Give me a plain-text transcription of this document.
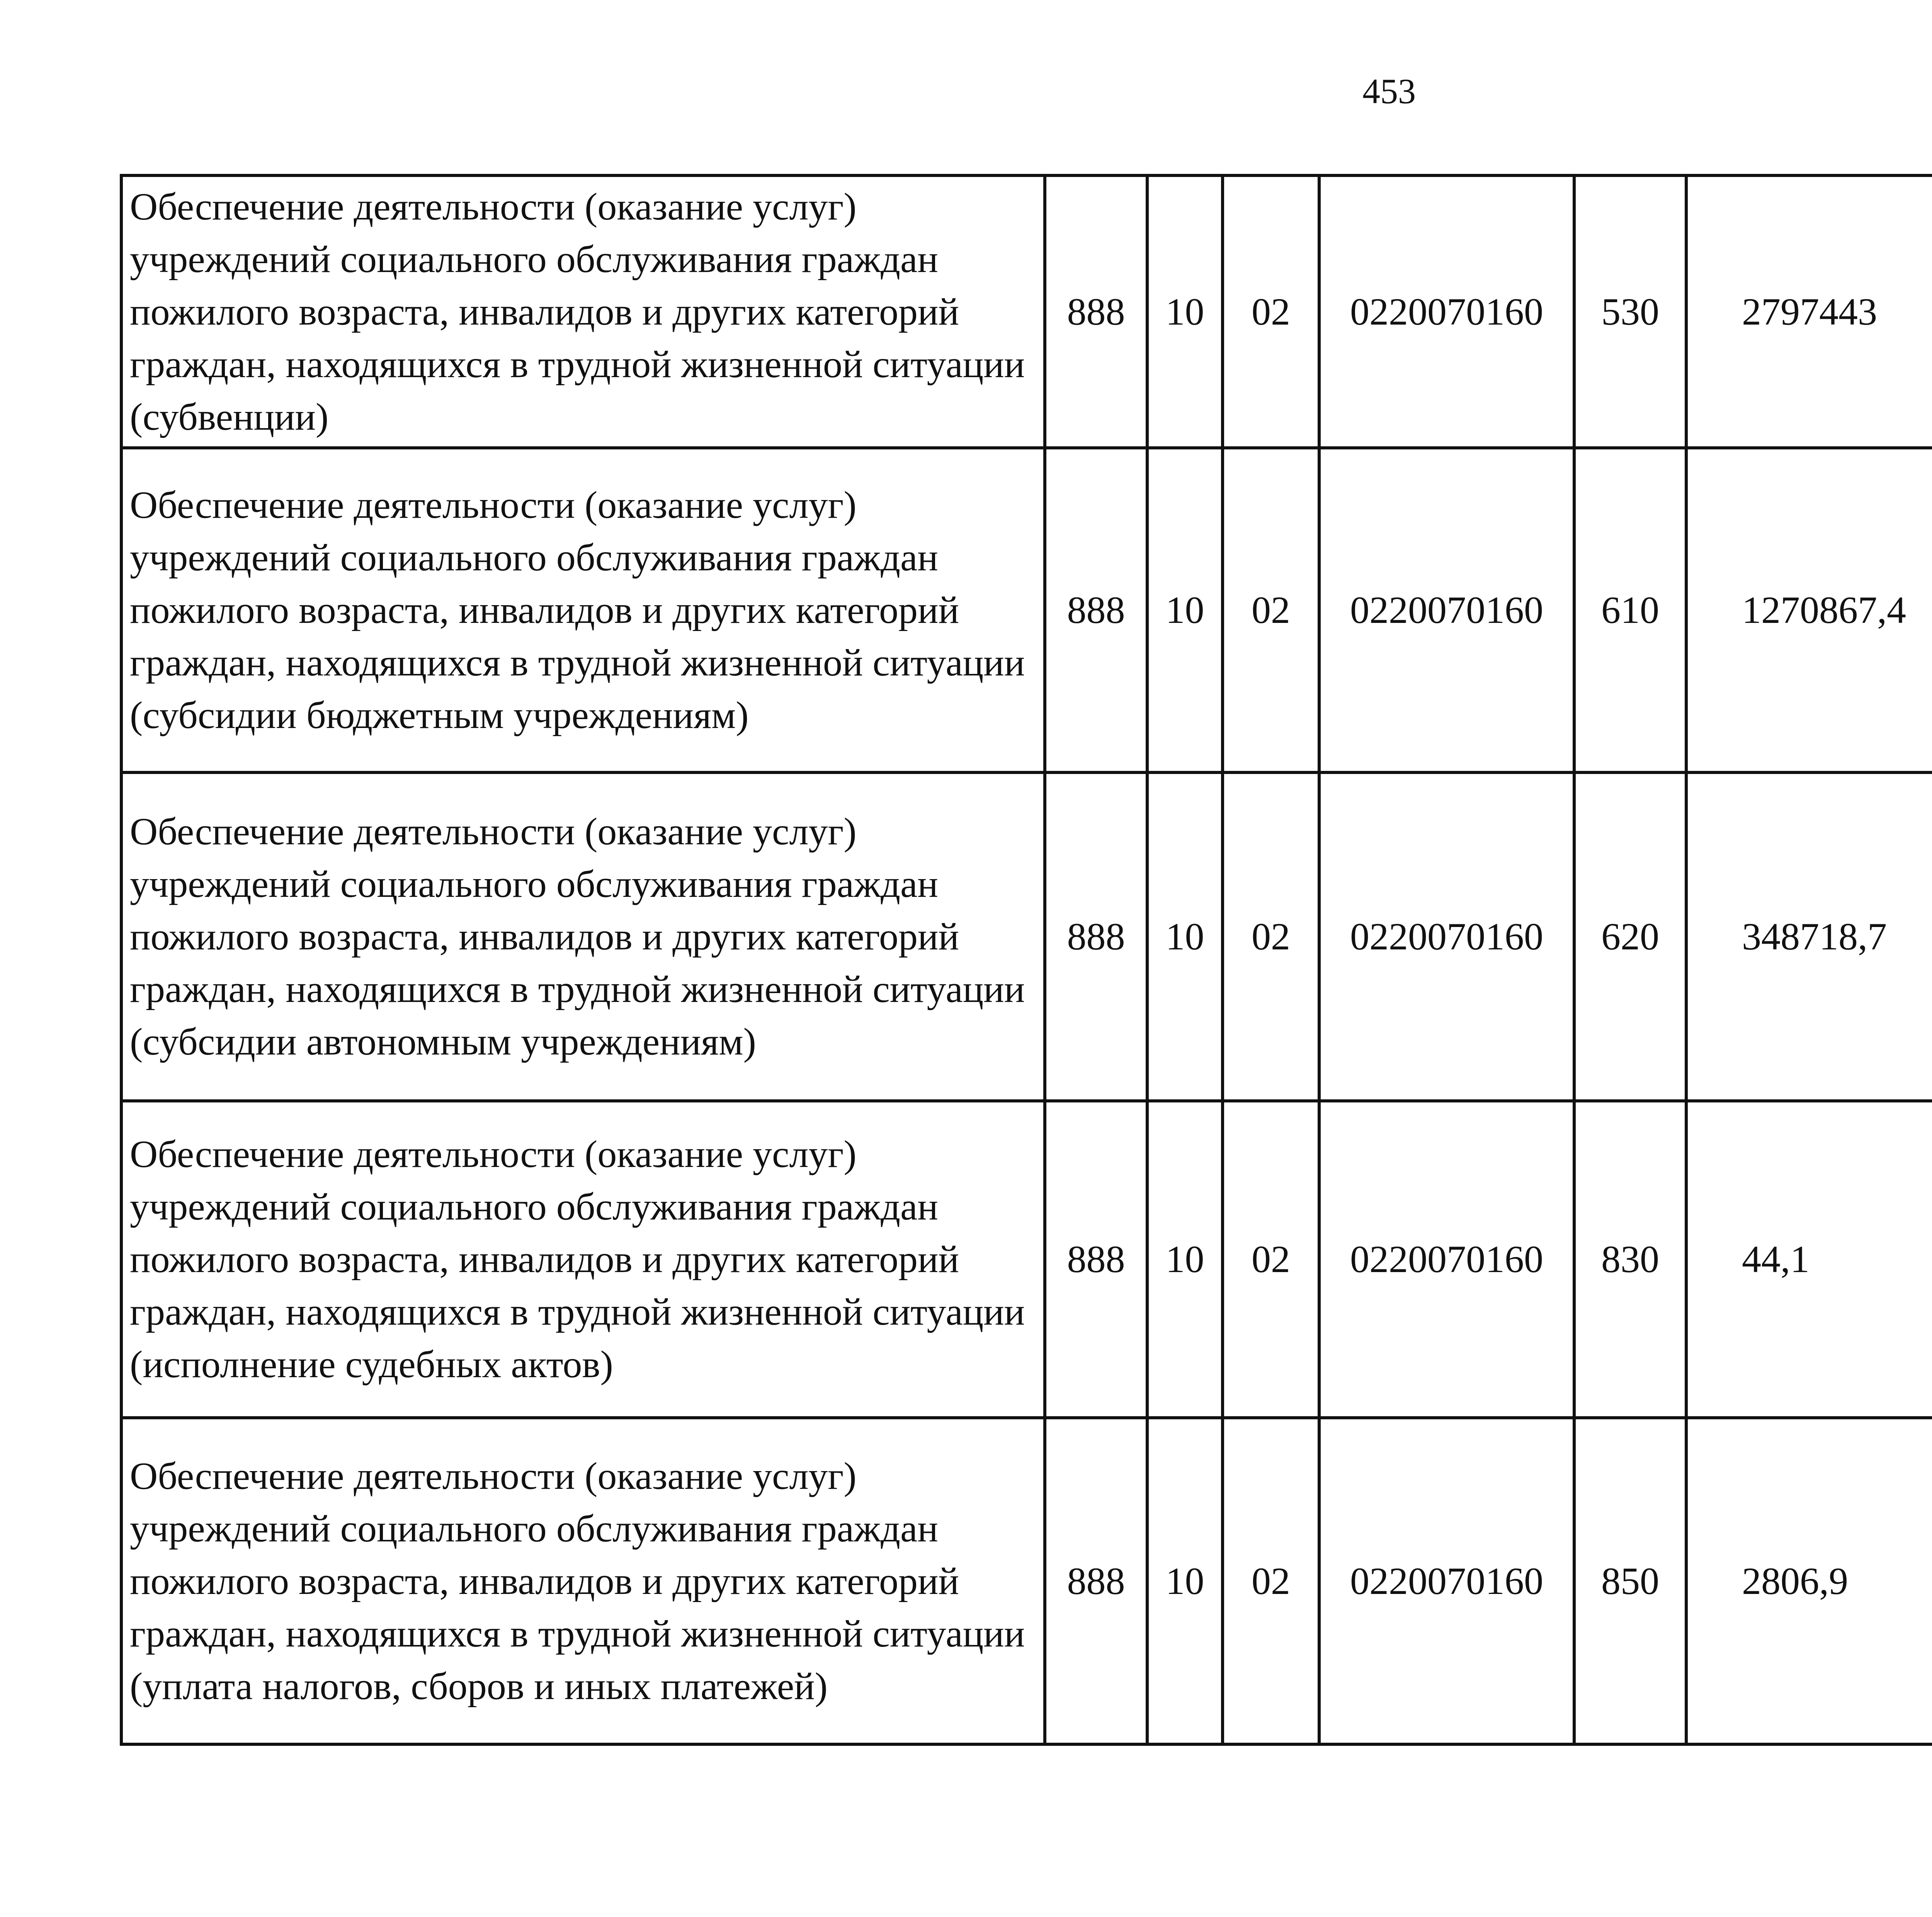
453
Обеспечение деятельности (оказание услуг) учреждений социального обслуживания граждан пожилого возраста, инвалидов и других категорий граждан, находящихся в трудной жизненной ситуации (субвенции)	888	10	02	0220070160	530	2797443		
Обеспечение деятельности (оказание услуг) учреждений социального обслуживания граждан пожилого возраста, инвалидов и других категорий граждан, находящихся в трудной жизненной ситуации (субсидии бюджетным учреждениям)	888	10	02	0220070160	610	1270867,4		
Обеспечение деятельности (оказание услуг) учреждений социального обслуживания граждан пожилого возраста, инвалидов и других категорий граждан, находящихся в трудной жизненной ситуации (субсидии автономным учреждениям)	888	10	02	0220070160	620	348718,7		
Обеспечение деятельности (оказание услуг) учреждений социального обслуживания граждан пожилого возраста, инвалидов и других категорий граждан, находящихся в трудной жизненной ситуации (исполнение судебных актов)	888	10	02	0220070160	830	44,1		
Обеспечение деятельности (оказание услуг) учреждений социального обслуживания граждан пожилого возраста, инвалидов и других категорий граждан, находящихся в трудной жизненной ситуации (уплата налогов, сборов и иных платежей)	888	10	02	0220070160	850	2806,9		
